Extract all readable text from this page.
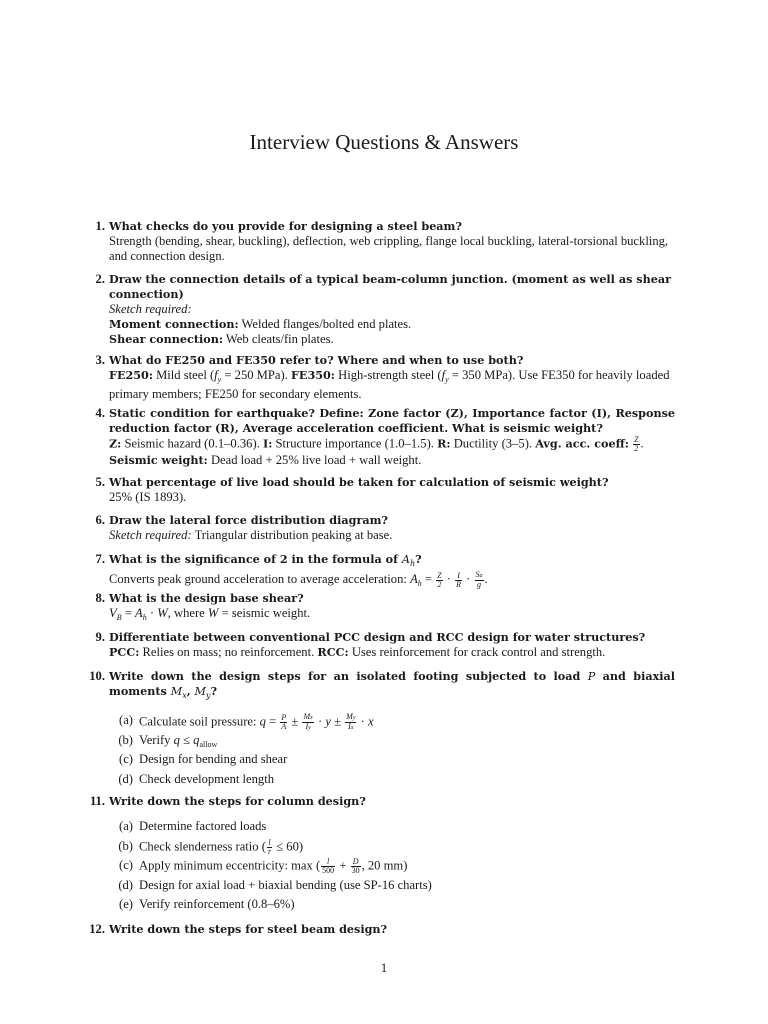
Interview Questions & Answers
1. What checks do you provide for designing a steel beam?
Strength (bending, shear, buckling), deflection, web crippling, flange local buckling, lateral-torsional buckling, and connection design.
2. Draw the connection details of a typical beam-column junction. (moment as well as shear connection)
Sketch required:
Moment connection: Welded flanges/bolted end plates.
Shear connection: Web cleats/fin plates.
3. What do FE250 and FE350 refer to? Where and when to use both?
FE250: Mild steel ($f_y = 250$ MPa). FE350: High-strength steel ($f_y = 350$ MPa). Use FE350 for heavily loaded primary members; FE250 for secondary elements.
4. Static condition for earthquake? Define: Zone factor (Z), Importance factor (I), Response reduction factor (R), Average acceleration coefficient. What is seismic weight?
Z: Seismic hazard (0.1–0.36). I: Structure importance (1.0–1.5). R: Ductility (3–5). Avg. acc. coeff: $\frac{Z}{2}$ . Seismic weight: Dead load + 25% live load + wall weight.
5. What percentage of live load should be taken for calculation of seismic weight?
25% (IS 1893).
6. Draw the lateral force distribution diagram?
Sketch required: Triangular distribution peaking at base.
7. What is the significance of 2 in the formula of $A_h$?
Converts peak ground acceleration to average acceleration: $A_h = \frac{Z}{2} \cdot \frac{I}{R} \cdot \frac{Sa}{g}$ .
8. What is the design base shear?
$V_B = A_h \cdot W$, where W = seismic weight.
9. Differentiate between conventional PCC design and RCC design for water structures?
PCC: Relies on mass; no reinforcement. RCC: Uses reinforcement for crack control and strength.
10. Write down the design steps for an isolated footing subjected to load P and biaxial moments $M_x$, $M_y$?
(a) Calculate soil pressure: $q = \frac{P}{A} \pm \frac{Mx}{Iy} \cdot y \pm \frac{My}{Ix} \cdot x$
(b) Verify $q \le q_{allow}$
(c) Design for bending and shear
(d) Check development length
11. Write down the steps for column design?
(a) Determine factored loads
(b) Check slenderness ratio ( $\frac{l}{r} \le 60$)
(c) Apply minimum eccentricity: max ( $\frac{l}{500} + \frac{D}{30}$ , 20 mm)
(d) Design for axial load + biaxial bending (use SP-16 charts)
(e) Verify reinforcement (0.8–6%)
12. Write down the steps for steel beam design?
1
